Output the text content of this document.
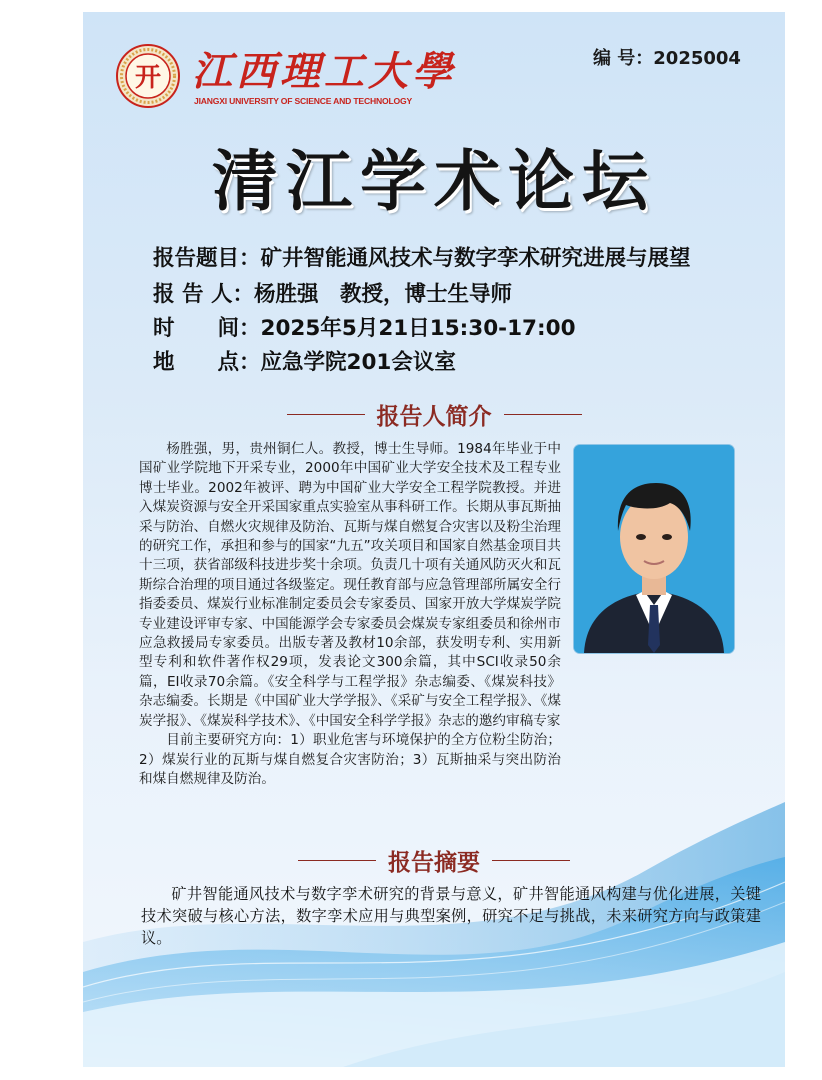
开 江西理工大學
JIANGXI UNIVERSITY OF SCIENCE AND TECHNOLOGY
编 号：2025004
清江学术论坛
报告题目：矿井智能通风技术与数字孪术研究进展与展望
报 告 人：杨胜强　教授，博士生导师
时　　间：2025年5月21日15:30-17:00
地　　点：应急学院201会议室
报告人简介

杨胜强，男，贵州铜仁人。教授，博士生导师。1984年毕业于中国矿业学院地下开采专业，2000年中国矿业大学安全技术及工程专业博士毕业。2002年被评、聘为中国矿业大学安全工程学院教授。并进入煤炭资源与安全开采国家重点实验室从事科研工作。长期从事瓦斯抽采与防治、自燃火灾规律及防治、瓦斯与煤自燃复合灾害以及粉尘治理的研究工作，承担和参与的国家“九五”攻关项目和国家自然基金项目共十三项，获省部级科技进步奖十余项。负责几十项有关通风防灭火和瓦斯综合治理的项目通过各级鉴定。现任教育部与应急管理部所属安全行指委委员、煤炭行业标准制定委员会专家委员、国家开放大学煤炭学院专业建设评审专家、中国能源学会专家委员会煤炭专家组委员和徐州市应急救援局专家委员。出版专著及教材10余部，获发明专利、实用新型专利和软件著作权29项，发表论文300余篇，其中SCI收录50余篇，EI收录70余篇。《安全科学与工程学报》杂志编委、《煤炭科技》杂志编委。长期是《中国矿业大学学报》、《采矿与安全工程学报》、《煤炭学报》、《煤炭科学技术》、《中国安全科学学报》杂志的邀约审稿专家

目前主要研究方向：1）职业危害与环境保护的全方位粉尘防治；2）煤炭行业的瓦斯与煤自燃复合灾害防治；3）瓦斯抽采与突出防治和煤自燃规律及防治。

报告摘要

矿井智能通风技术与数字孪术研究的背景与意义，矿井智能通风构建与优化进展，关键技术突破与核心方法，数字孪术应用与典型案例，研究不足与挑战，未来研究方向与政策建议。
